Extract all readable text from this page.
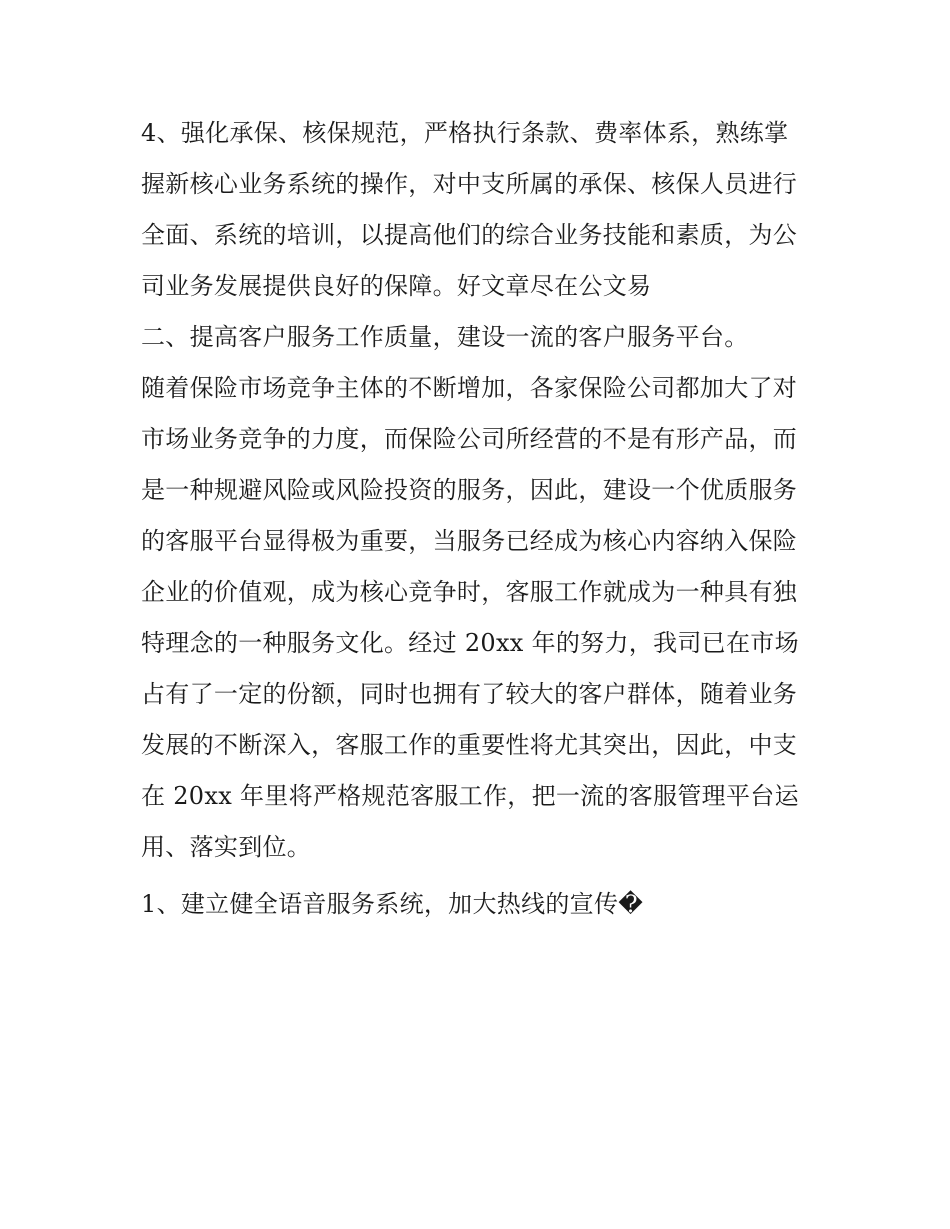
4、强化承保、核保规范，严格执行条款、费率体系，熟练掌
握新核心业务系统的操作，对中支所属的承保、核保人员进行
全面、系统的培训，以提高他们的综合业务技能和素质，为公
司业务发展提供良好的保障。好文章尽在公文易
二、提高客户服务工作质量，建设一流的客户服务平台。
随着保险市场竞争主体的不断增加，各家保险公司都加大了对
市场业务竞争的力度，而保险公司所经营的不是有形产品，而
是一种规避风险或风险投资的服务，因此，建设一个优质服务
的客服平台显得极为重要，当服务已经成为核心内容纳入保险
企业的价值观，成为核心竞争时，客服工作就成为一种具有独
特理念的一种服务文化。经过 20xx 年的努力，我司已在市场
占有了一定的份额，同时也拥有了较大的客户群体，随着业务
发展的不断深入，客服工作的重要性将尤其突出，因此，中支
在 20xx 年里将严格规范客服工作，把一流的客服管理平台运
用、落实到位。
1、建立健全语音服务系统，加大热线的宣传�
